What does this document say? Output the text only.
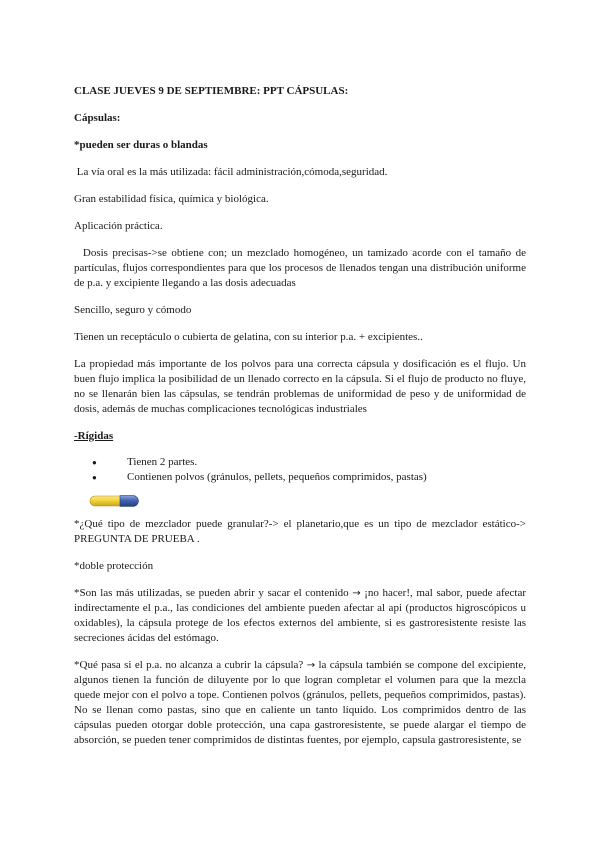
CLASE JUEVES 9 DE SEPTIEMBRE: PPT CÁPSULAS:

Cápsulas:

*pueden ser duras o blandas

La vía oral es la más utilizada: fácil administración,cómoda,seguridad.

Gran estabilidad física, química y biológica.

Aplicación práctica.

Dosis precisas->se obtiene con; un mezclado homogéneo, un tamizado acorde con el tamaño de partículas, flujos correspondientes para que los procesos de llenados tengan una distribución uniforme de p.a. y excipiente llegando a las dosis adecuadas

Sencillo, seguro y cómodo

Tienen un receptáculo o cubierta de gelatina, con su interior p.a. + excipientes..

La propiedad más importante de los polvos para una correcta cápsula y dosificación es el flujo. Un buen flujo implica la posibilidad de un llenado correcto en la cápsula. Si el flujo de producto no fluye, no se llenarán bien las cápsulas, se tendrán problemas de uniformidad de peso y de uniformidad de dosis, además de muchas complicaciones tecnológicas industriales

-Rígidas

● Tienen 2 partes.
● Contienen polvos (gránulos, pellets, pequeños comprimidos, pastas)

*¿Qué tipo de mezclador puede granular?-> el planetario,que es un tipo de mezclador estático-> PREGUNTA DE PRUEBA .

*doble protección

*Son las más utilizadas, se pueden abrir y sacar el contenido → ¡no hacer!, mal sabor, puede afectar indirectamente el p.a., las condiciones del ambiente pueden afectar al api (productos higroscópicos u oxidables), la cápsula protege de los efectos externos del ambiente, si es gastroresistente resiste las secreciones ácidas del estómago.

*Qué pasa si el p.a. no alcanza a cubrir la cápsula? → la cápsula también se compone del excipiente, algunos tienen la función de diluyente por lo que logran completar el volumen para que la mezcla quede mejor con el polvo a tope. Contienen polvos (gránulos, pellets, pequeños comprimidos, pastas). No se llenan como pastas, sino que en caliente un tanto líquido. Los comprimidos dentro de las cápsulas pueden otorgar doble protección, una capa gastroresistente, se puede alargar el tiempo de absorción, se pueden tener comprimidos de distintas fuentes, por ejemplo, capsula gastroresistente, se
